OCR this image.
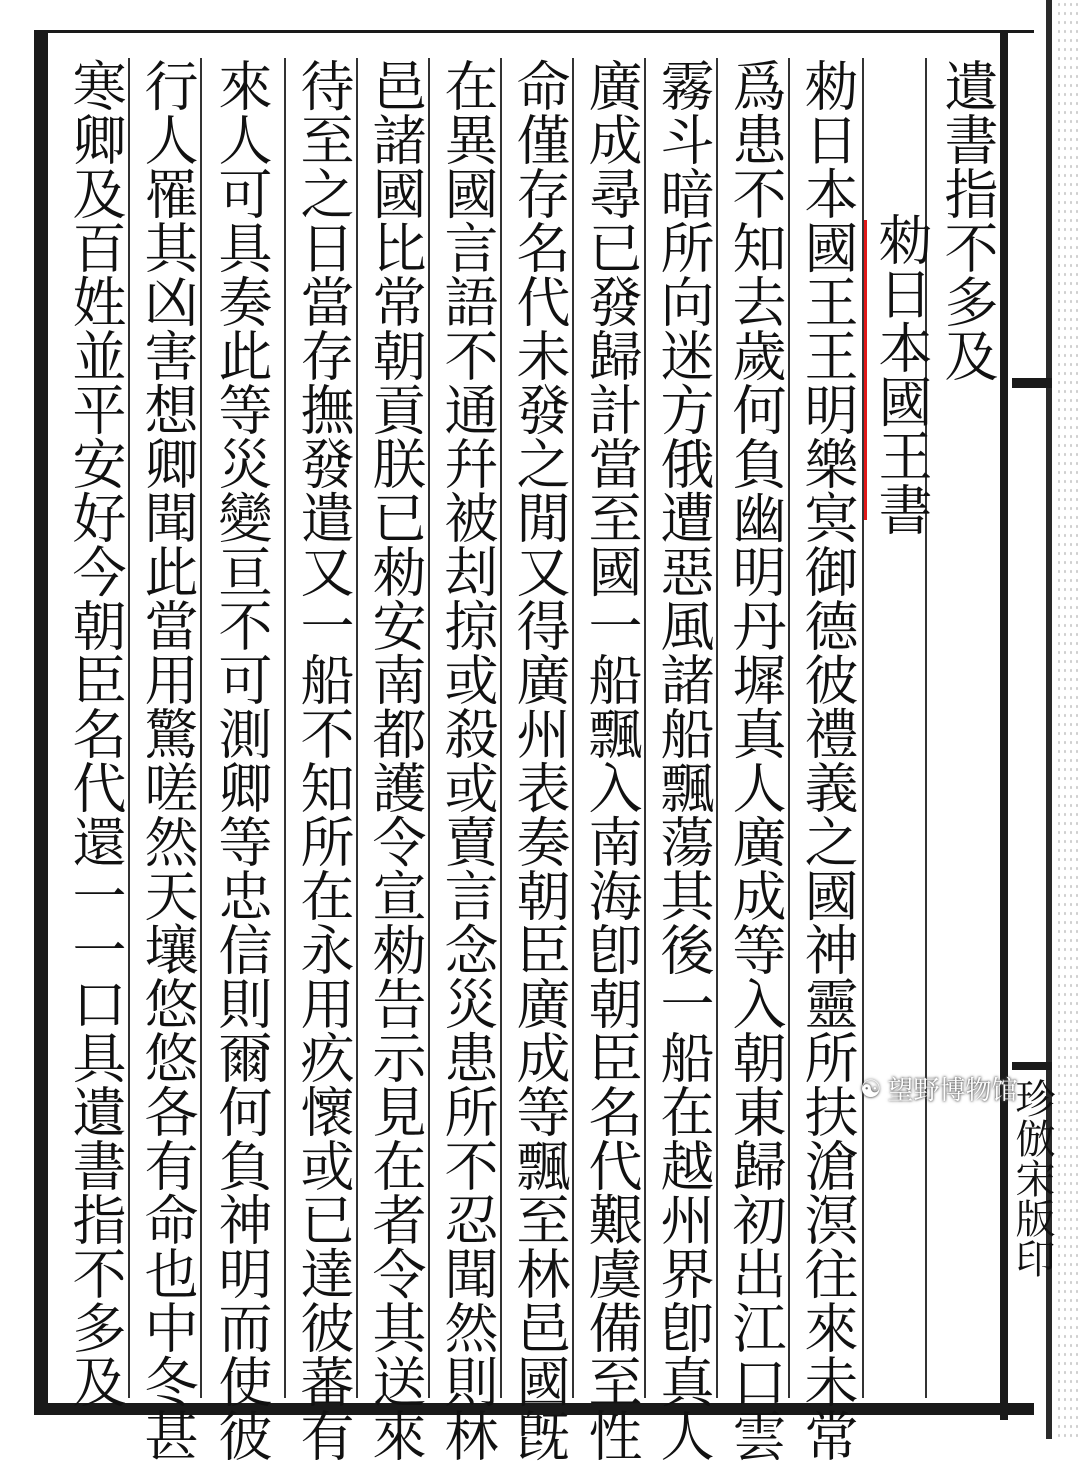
遺書指不多及
勑日本國王書
勑日本國王王明樂㝠御德彼禮義之國神靈所扶滄溟往來未常
爲患不知去歲何負幽明丹墀真人廣成等入朝東歸初出江口雲
霧斗暗所向迷方俄遭惡風諸船飄蕩其後一船在越州界卽真人
廣成尋已發歸計當至國一船飄入南海卽朝臣名代艱虞備至性
命僅存名代未發之閒又得廣州表奏朝臣廣成等飄至林邑國旣
在異國言語不通幷被刦掠或殺或賣言念災患所不忍聞然則林
邑諸國比常朝貢朕已勑安南都護令宣勑告示見在者令其送來
待至之日當存撫發遣又一船不知所在永用疚懷或已達彼蕃有
來人可具奏此等災變亘不可測卿等忠信則爾何負神明而使彼
行人罹其凶害想卿聞此當用驚嗟然天壤悠悠各有命也中冬甚
寒卿及百姓並平安好今朝臣名代還一一口具遺書指不多及	珍倣宋版印
☯ 望野博物馆
